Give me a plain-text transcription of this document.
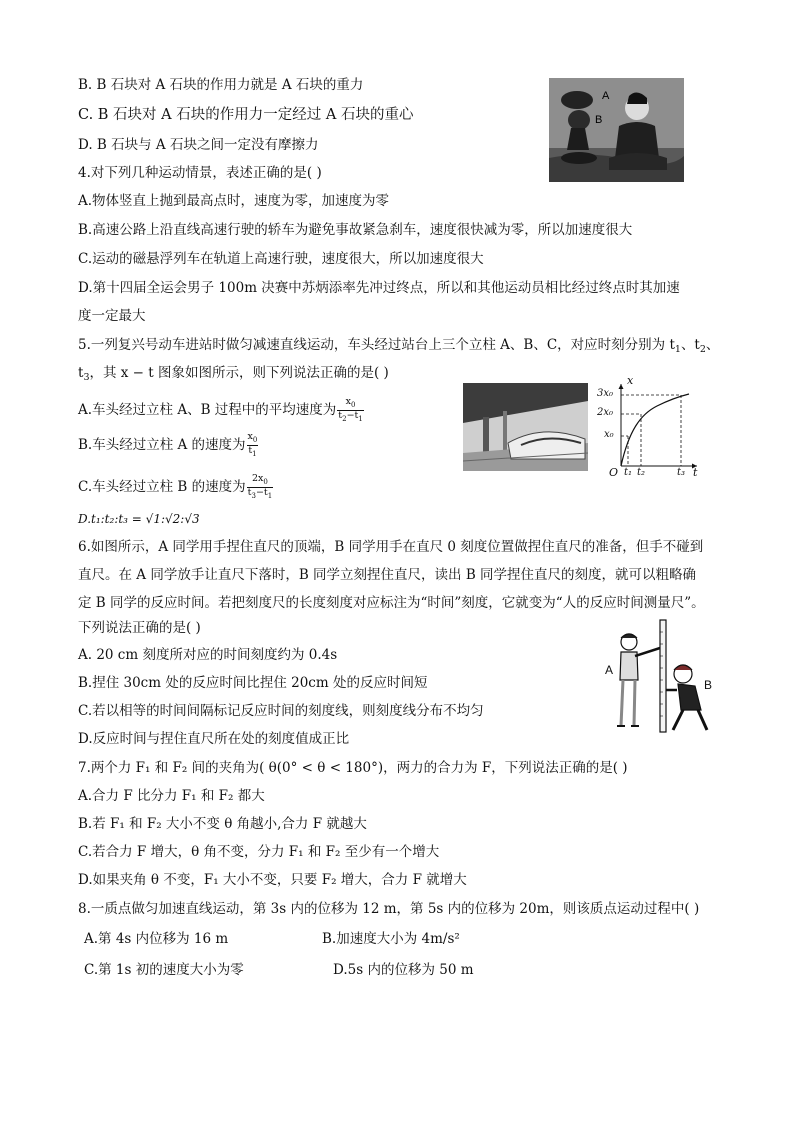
B. B 石块对 A 石块的作用力就是 A 石块的重力
C. B 石块对 A 石块的作用力一定经过 A 石块的重心
D. B 石块与 A 石块之间一定没有摩擦力
A
B
4.对下列几种运动情景，表述正确的是( )
A.物体竖直上抛到最高点时，速度为零，加速度为零
B.高速公路上沿直线高速行驶的轿车为避免事故紧急刹车，速度很快减为零，所以加速度很大
C.运动的磁悬浮列车在轨道上高速行驶，速度很大，所以加速度很大
D.第十四届全运会男子 100m 决赛中苏炳添率先冲过终点，所以和其他运动员相比经过终点时其加速
度一定最大
5.一列复兴号动车进站时做匀减速直线运动，车头经过站台上三个立柱 A、B、C，对应时刻分别为 $t_1$、$t_2$、
$t_3$，其 x − t 图象如图所示，则下列说法正确的是( )
A.车头经过立柱 A、B 过程中的平均速度为 $\frac{x_0}{t_2-t_1}$
B.车头经过立柱 A 的速度为 $\frac{x_0}{t_1}$
C.车头经过立柱 B 的速度为 $\frac{2x_0}{t_3-t_1}$
D.t₁:t₂:t₃ = √1:√2:√3
x
t
O
3x₀
2x₀
x₀
t₁ t₂	t₃
6.如图所示，A 同学用手捏住直尺的顶端，B 同学用手在直尺 0 刻度位置做捏住直尺的准备，但手不碰到
直尺。在 A 同学放手让直尺下落时，B 同学立刻捏住直尺，读出 B 同学捏住直尺的刻度，就可以粗略确
定 B 同学的反应时间。若把刻度尺的长度刻度对应标注为“时间”刻度，它就变为“人的反应时间测量尺”。
下列说法正确的是( )
A. 20 cm 刻度所对应的时间刻度约为 0.4s
B.捏住 30cm 处的反应时间比捏住 20cm 处的反应时间短
C.若以相等的时间间隔标记反应时间的刻度线，则刻度线分布不均匀
D.反应时间与捏住直尺所在处的刻度值成正比
A
B
7.两个力 F₁ 和 F₂ 间的夹角为( θ(0° < θ < 180°)，两力的合力为 F，下列说法正确的是( )
A.合力 F 比分力 F₁ 和 F₂ 都大
B.若 F₁ 和 F₂ 大小不变 θ 角越小,合力 F 就越大
C.若合力 F 增大，θ 角不变，分力 F₁ 和 F₂ 至少有一个增大
D.如果夹角 θ 不变，F₁ 大小不变，只要 F₂ 增大，合力 F 就增大
8.一质点做匀加速直线运动，第 3s 内的位移为 12 m，第 5s 内的位移为 20m，则该质点运动过程中( )
A.第 4s 内位移为 16 m	B.加速度大小为 4m/s²
C.第 1s 初的速度大小为零	D.5s 内的位移为 50 m
